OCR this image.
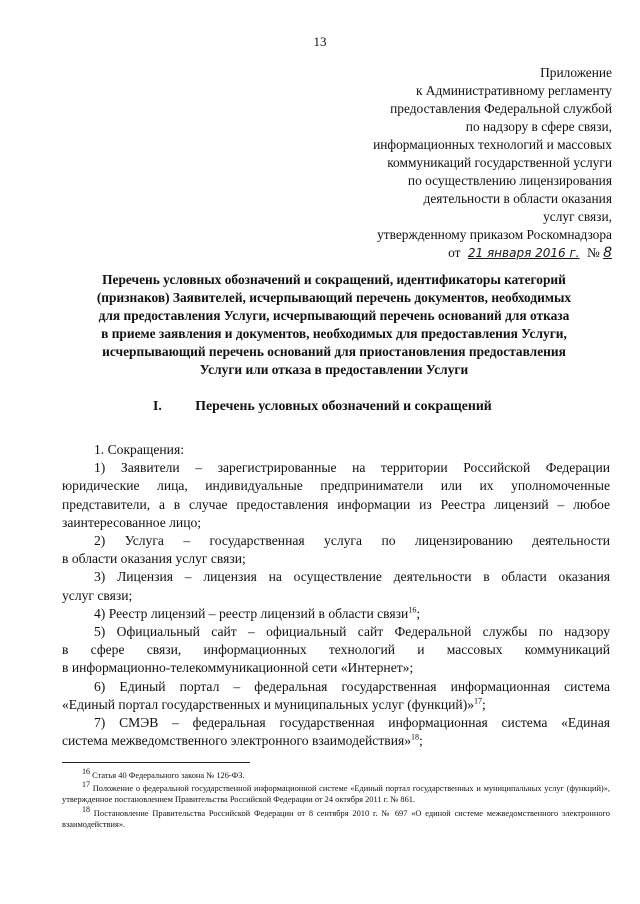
13
Приложение
к Административному регламенту
предоставления Федеральной службой
по надзору в сфере связи,
информационных технологий и массовых
коммуникаций государственной услуги
по осуществлению лицензирования
деятельности в области оказания
услуг связи,
утвержденному приказом Роскомнадзора
от 21 января 2016 г. № 8
Перечень условных обозначений и сокращений, идентификаторы категорий
(признаков) Заявителей, исчерпывающий перечень документов, необходимых
для предоставления Услуги, исчерпывающий перечень оснований для отказа
в приеме заявления и документов, необходимых для предоставления Услуги,
исчерпывающий перечень оснований для приостановления предоставления
Услуги или отказа в предоставлении Услуги
I. Перечень условных обозначений и сокращений

1. Сокращения:

1) Заявители – зарегистрированные на территории Российской Федерации

юридические лица, индивидуальные предприниматели или их уполномоченные

представители, а в случае предоставления информации из Реестра лицензий – любое

заинтересованное лицо;

2) Услуга – государственная услуга по лицензированию деятельности

в области оказания услуг связи;

3) Лицензия – лицензия на осуществление деятельности в области оказания

услуг связи;

4) Реестр лицензий – реестр лицензий в области связи$^{16}$;

5) Официальный сайт – официальный сайт Федеральной службы по надзору

в сфере связи, информационных технологий и массовых коммуникаций

в информационно-телекоммуникационной сети «Интернет»;

6) Единый портал – федеральная государственная информационная система

«Единый портал государственных и муниципальных услуг (функций)»$^{17}$;

7) СМЭВ – федеральная государственная информационная система «Единая

система межведомственного электронного взаимодействия»$^{18}$;

$^{16}$ Статья 40 Федерального закона № 126-ФЗ.

$^{17}$ Положение о федеральной государственной информационной системе «Единый портал государственных и муниципальных услуг (функций)», утвержденное постановлением Правительства Российской Федерации от 24 октября 2011 г. № 861.

$^{18}$ Постановление Правительства Российской Федерации от 8 сентября 2010 г. № 697 «О единой системе межведомственного электронного взаимодействия».
